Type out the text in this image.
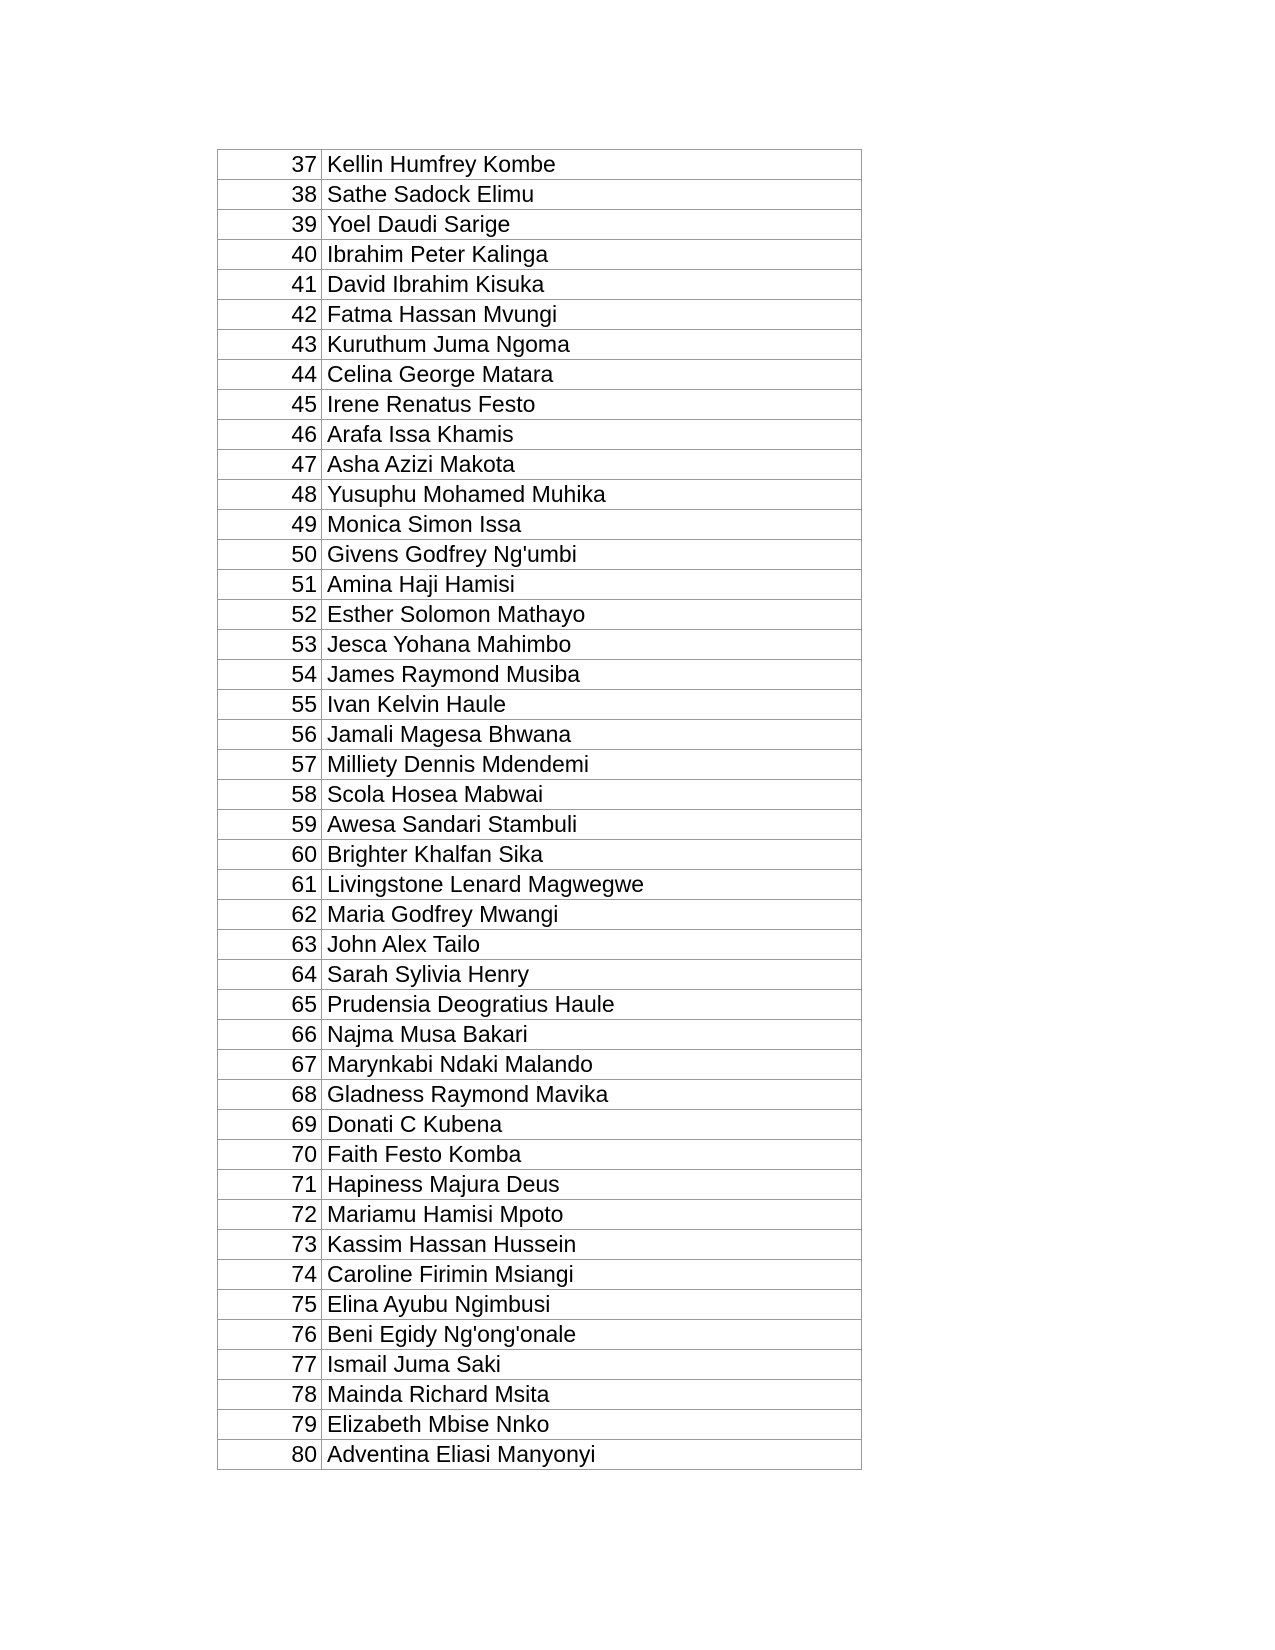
37	Kellin Humfrey Kombe
38	Sathe Sadock Elimu
39	Yoel Daudi Sarige
40	Ibrahim Peter Kalinga
41	David Ibrahim Kisuka
42	Fatma Hassan Mvungi
43	Kuruthum Juma Ngoma
44	Celina George Matara
45	Irene Renatus Festo
46	Arafa Issa Khamis
47	Asha Azizi Makota
48	Yusuphu Mohamed Muhika
49	Monica Simon Issa
50	Givens Godfrey Ng'umbi
51	Amina Haji Hamisi
52	Esther Solomon Mathayo
53	Jesca Yohana Mahimbo
54	James Raymond Musiba
55	Ivan Kelvin Haule
56	Jamali Magesa Bhwana
57	Milliety Dennis Mdendemi
58	Scola Hosea Mabwai
59	Awesa Sandari Stambuli
60	Brighter Khalfan Sika
61	Livingstone Lenard Magwegwe
62	Maria Godfrey Mwangi
63	John Alex Tailo
64	Sarah Sylivia Henry
65	Prudensia Deogratius Haule
66	Najma Musa Bakari
67	Marynkabi Ndaki Malando
68	Gladness Raymond Mavika
69	Donati C Kubena
70	Faith Festo Komba
71	Hapiness Majura Deus
72	Mariamu Hamisi Mpoto
73	Kassim Hassan Hussein
74	Caroline Firimin Msiangi
75	Elina Ayubu Ngimbusi
76	Beni Egidy Ng'ong'onale
77	Ismail Juma Saki
78	Mainda Richard Msita
79	Elizabeth Mbise Nnko
80	Adventina Eliasi Manyonyi
